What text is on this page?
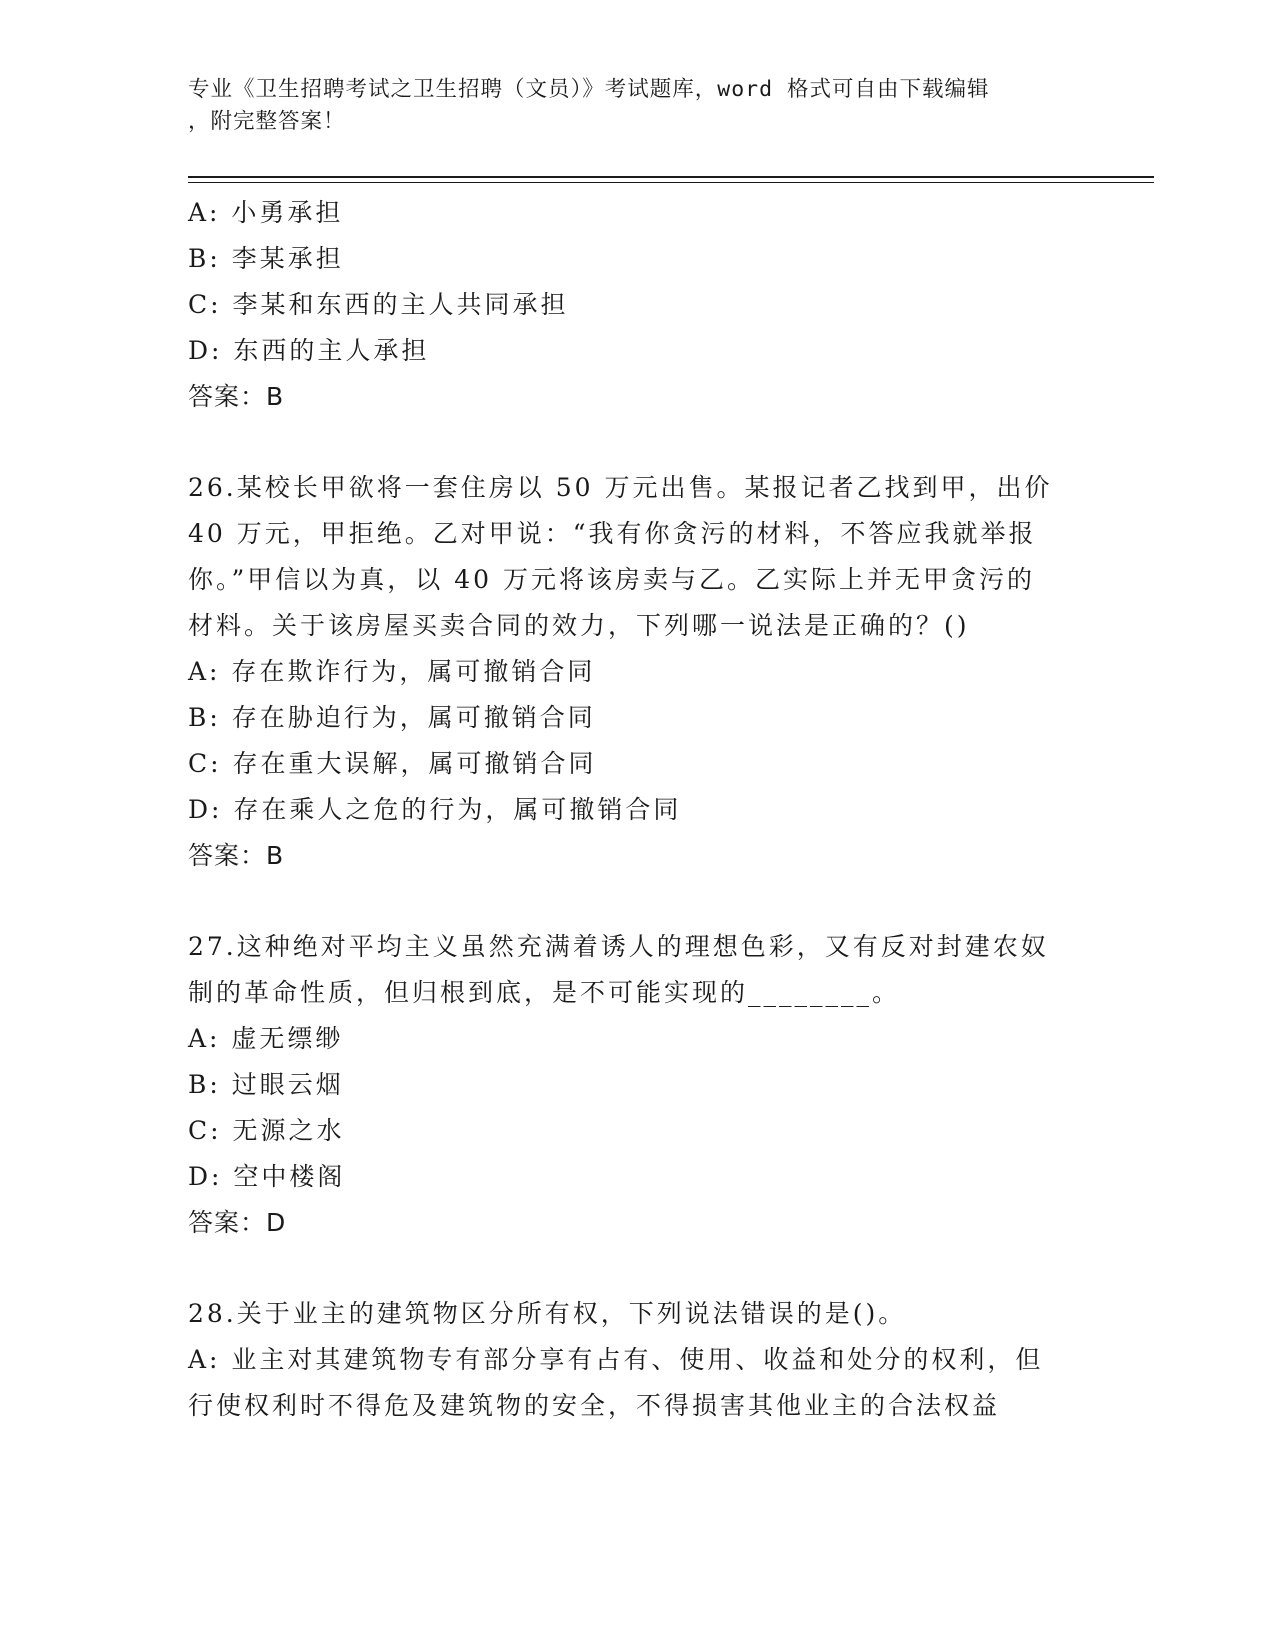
专业《卫生招聘考试之卫生招聘（文员）》考试题库，word 格式可自由下载编辑
，附完整答案！
A: 小勇承担
B: 李某承担
C: 李某和东西的主人共同承担
D: 东西的主人承担
答案：B
26.某校长甲欲将一套住房以 50 万元出售。某报记者乙找到甲，出价
40 万元，甲拒绝。乙对甲说：“我有你贪污的材料，不答应我就举报
你。”甲信以为真，以 40 万元将该房卖与乙。乙实际上并无甲贪污的
材料。关于该房屋买卖合同的效力，下列哪一说法是正确的？()
A: 存在欺诈行为，属可撤销合同
B: 存在胁迫行为，属可撤销合同
C: 存在重大误解，属可撤销合同
D: 存在乘人之危的行为，属可撤销合同
答案：B
27.这种绝对平均主义虽然充满着诱人的理想色彩，又有反对封建农奴
制的革命性质，但归根到底，是不可能实现的________。
A: 虚无缥缈
B: 过眼云烟
C: 无源之水
D: 空中楼阁
答案：D
28.关于业主的建筑物区分所有权，下列说法错误的是()。
A: 业主对其建筑物专有部分享有占有、使用、收益和处分的权利，但
行使权利时不得危及建筑物的安全，不得损害其他业主的合法权益
